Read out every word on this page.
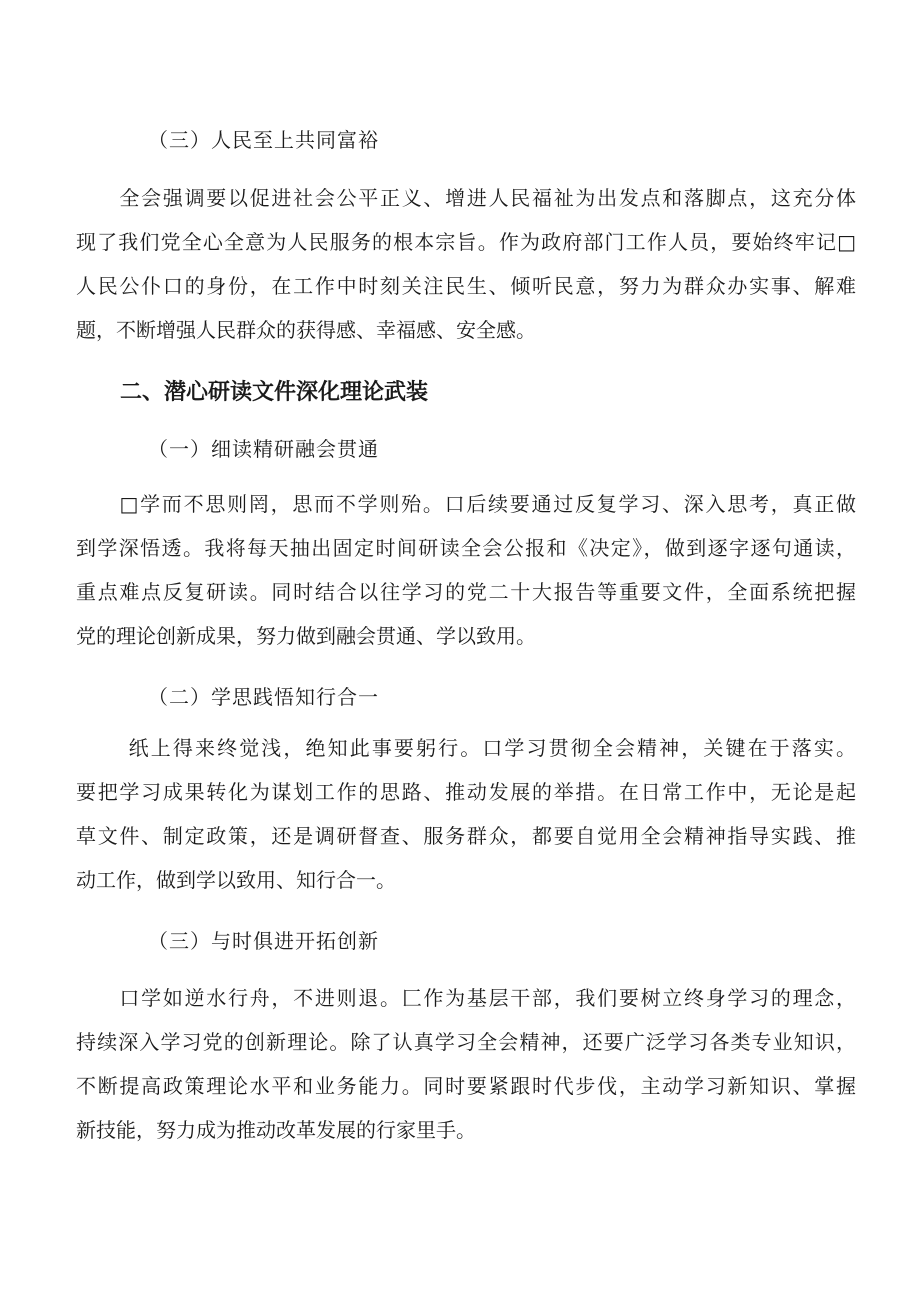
（三）人民至上共同富裕

　　全会强调要以促进社会公平正义、增进人民福祉为出发点和落脚点，这充分体
现了我们党全心全意为人民服务的根本宗旨。作为政府部门工作人员，要始终牢记□
人民公仆口的身份，在工作中时刻关注民生、倾听民意，努力为群众办实事、解难
题，不断增强人民群众的获得感、幸福感、安全感。

二、潜心研读文件深化理论武装

（一）细读精研融会贯通

　　□学而不思则罔，思而不学则殆。口后续要通过反复学习、深入思考，真正做
到学深悟透。我将每天抽出固定时间研读全会公报和《决定》，做到逐字逐句通读，
重点难点反复研读。同时结合以往学习的党二十大报告等重要文件，全面系统把握
党的理论创新成果，努力做到融会贯通、学以致用。

（二）学思践悟知行合一

　　 纸上得来终觉浅，绝知此事要躬行。口学习贯彻全会精神，关键在于落实。
要把学习成果转化为谋划工作的思路、推动发展的举措。在日常工作中，无论是起
草文件、制定政策，还是调研督查、服务群众，都要自觉用全会精神指导实践、推
动工作，做到学以致用、知行合一。

（三）与时俱进开拓创新

　　口学如逆水行舟，不进则退。匚作为基层干部，我们要树立终身学习的理念，
持续深入学习党的创新理论。除了认真学习全会精神，还要广泛学习各类专业知识，
不断提高政策理论水平和业务能力。同时要紧跟时代步伐，主动学习新知识、掌握
新技能，努力成为推动改革发展的行家里手。
